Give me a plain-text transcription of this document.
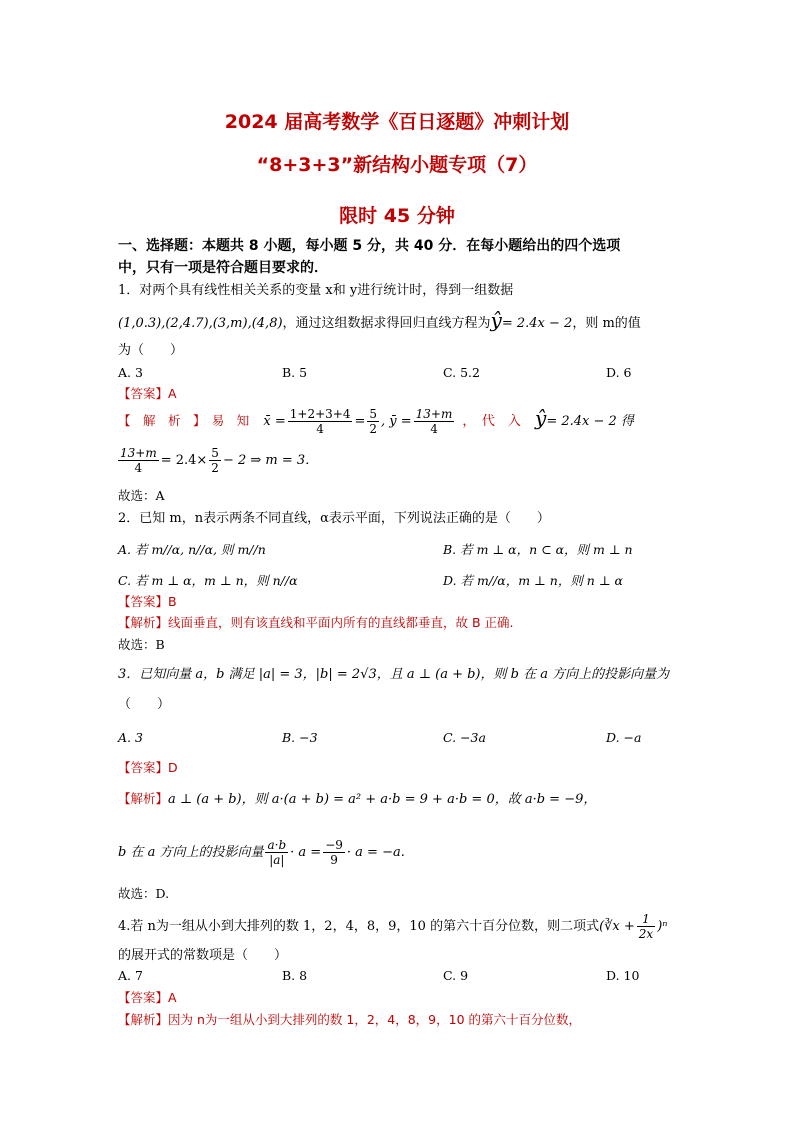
2024 届高考数学《百日逐题》冲刺计划
“8+3+3”新结构小题专项（7）
限时 45 分钟
一、选择题：本题共 8 小题，每小题 5 分，共 40 分．在每小题给出的四个选项
中，只有一项是符合题目要求的．
1．对两个具有线性相关关系的变量 x和 y进行统计时，得到一组数据
(1,0.3),(2,4.7),(3,m),(4,8)，通过这组数据求得回归直线方程为ŷ= 2.4x − 2，则 m的值
为（　　）
A. 3	B. 5	C. 5.2	D. 6
【答案】A
【　解　析　】　易　知 x̄ = $\frac{1+2+3+4}{4} = \frac{5}{2}$ , ȳ = $\frac{13+m}{4}$ ，　代　入 ŷ= 2.4x − 2 得
$\frac{13+m}{4} = 2.4\times \frac{5}{2} - 2$ ⇒ m = 3．
故选：A
2．已知 m，n表示两条不同直线，α表示平面，下列说法正确的是（　　）
A. 若 m//α, n//α, 则 m//n	B. 若 m ⊥ α，n ⊂ α，则 m ⊥ n
C. 若 m ⊥ α，m ⊥ n，则 n//α	D. 若 m//α，m ⊥ n，则 n ⊥ α
【答案】B
【解析】线面垂直，则有该直线和平面内所有的直线都垂直，故 B 正确.
故选：B
3．已知向量 a，b 满足 |a| = 3，|b| = 2√3，且 a ⊥ (a + b)，则 b 在 a 方向上的投影向量为
（　　）
A. 3	B. −3	C. −3a	D. −a
【答案】D
【解析】a ⊥ (a + b)，则 a·(a + b) = a² + a·b = 9 + a·b = 0，故 a·b = −9，
b 在 a 方向上的投影向量 $\frac{a\cdot b}{|a|} \cdot a = \frac{-9}{9} \cdot a = -a$.
故选：D.
4.若 n为一组从小到大排列的数 1，2，4，8，9，10 的第六十百分位数，则二项式(∛x + $\frac{1}{2x} )^n$
的展开式的常数项是（　　）
A. 7	B. 8	C. 9	D. 10
【答案】A
【解析】因为 n为一组从小到大排列的数 1，2，4，8，9，10 的第六十百分位数，
